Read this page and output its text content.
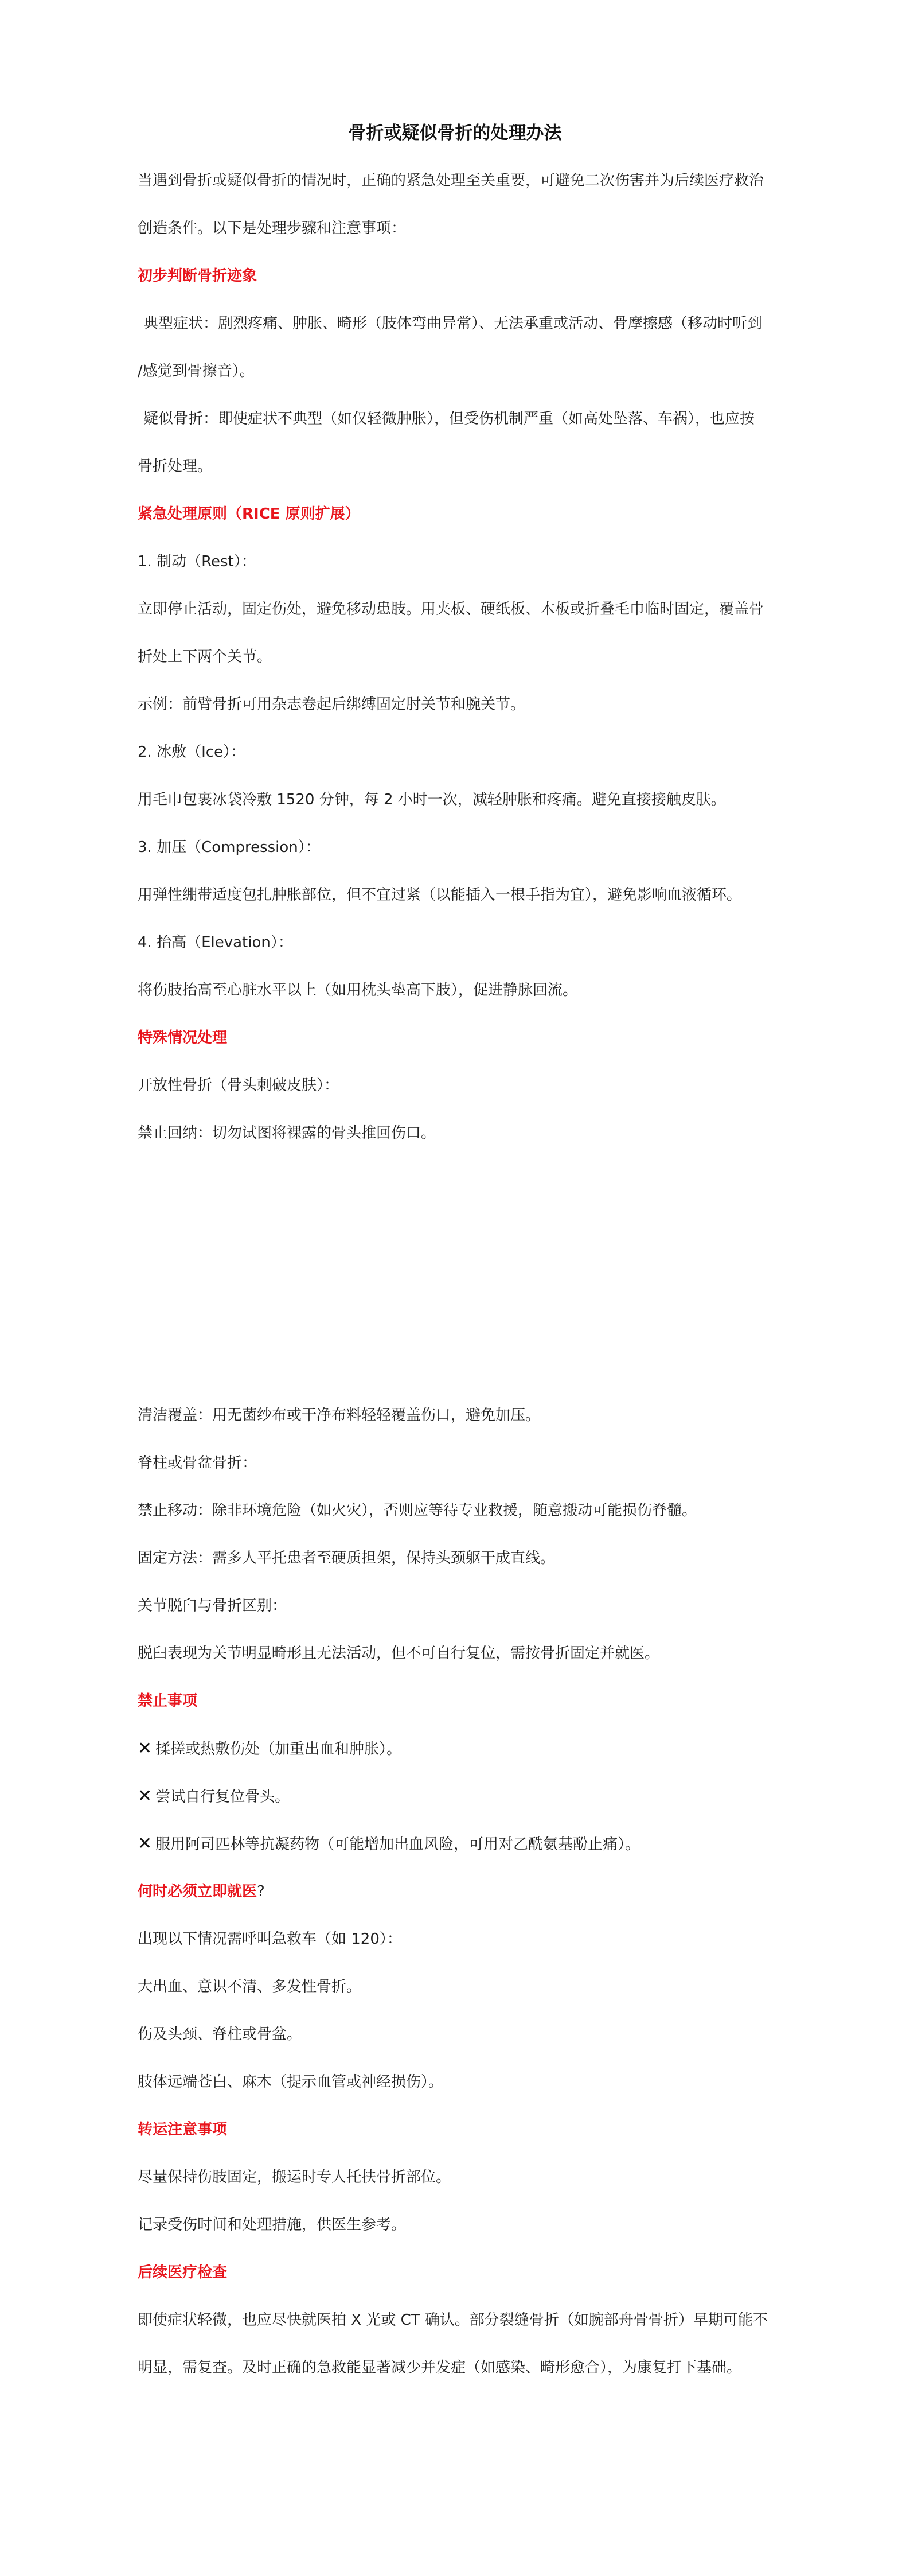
骨折或疑似骨折的处理办法
当遇到骨折或疑似骨折的情况时，正确的紧急处理至关重要，可避免二次伤害并为后续医疗救治
创造条件。以下是处理步骤和注意事项：
初步判断骨折迹象
典型症状：剧烈疼痛、肿胀、畸形（肢体弯曲异常）、无法承重或活动、骨摩擦感（移动时听到
/感觉到骨擦音）。
疑似骨折：即使症状不典型（如仅轻微肿胀），但受伤机制严重（如高处坠落、车祸），也应按
骨折处理。
紧急处理原则（RICE 原则扩展）
1. 制动（Rest）：
立即停止活动，固定伤处，避免移动患肢。用夹板、硬纸板、木板或折叠毛巾临时固定，覆盖骨
折处上下两个关节。
示例：前臂骨折可用杂志卷起后绑缚固定肘关节和腕关节。
2. 冰敷（Ice）：
用毛巾包裹冰袋冷敷 1520 分钟，每 2 小时一次，减轻肿胀和疼痛。避免直接接触皮肤。
3. 加压（Compression）：
用弹性绷带适度包扎肿胀部位，但不宜过紧（以能插入一根手指为宜），避免影响血液循环。
4. 抬高（Elevation）：
将伤肢抬高至心脏水平以上（如用枕头垫高下肢），促进静脉回流。
特殊情况处理
开放性骨折（骨头刺破皮肤）：
禁止回纳：切勿试图将裸露的骨头推回伤口。
清洁覆盖：用无菌纱布或干净布料轻轻覆盖伤口，避免加压。
脊柱或骨盆骨折：
禁止移动：除非环境危险（如火灾），否则应等待专业救援，随意搬动可能损伤脊髓。
固定方法：需多人平托患者至硬质担架，保持头颈躯干成直线。
关节脱臼与骨折区别：
脱臼表现为关节明显畸形且无法活动，但不可自行复位，需按骨折固定并就医。
禁止事项
✕ 揉搓或热敷伤处（加重出血和肿胀）。
✕ 尝试自行复位骨头。
✕ 服用阿司匹林等抗凝药物（可能增加出血风险，可用对乙酰氨基酚止痛）。
何时必须立即就医?
出现以下情况需呼叫急救车（如 120）：
大出血、意识不清、多发性骨折。
伤及头颈、脊柱或骨盆。
肢体远端苍白、麻木（提示血管或神经损伤）。
转运注意事项
尽量保持伤肢固定，搬运时专人托扶骨折部位。
记录受伤时间和处理措施，供医生参考。
后续医疗检查
即使症状轻微，也应尽快就医拍 X 光或 CT 确认。部分裂缝骨折（如腕部舟骨骨折）早期可能不
明显，需复查。及时正确的急救能显著减少并发症（如感染、畸形愈合），为康复打下基础。
